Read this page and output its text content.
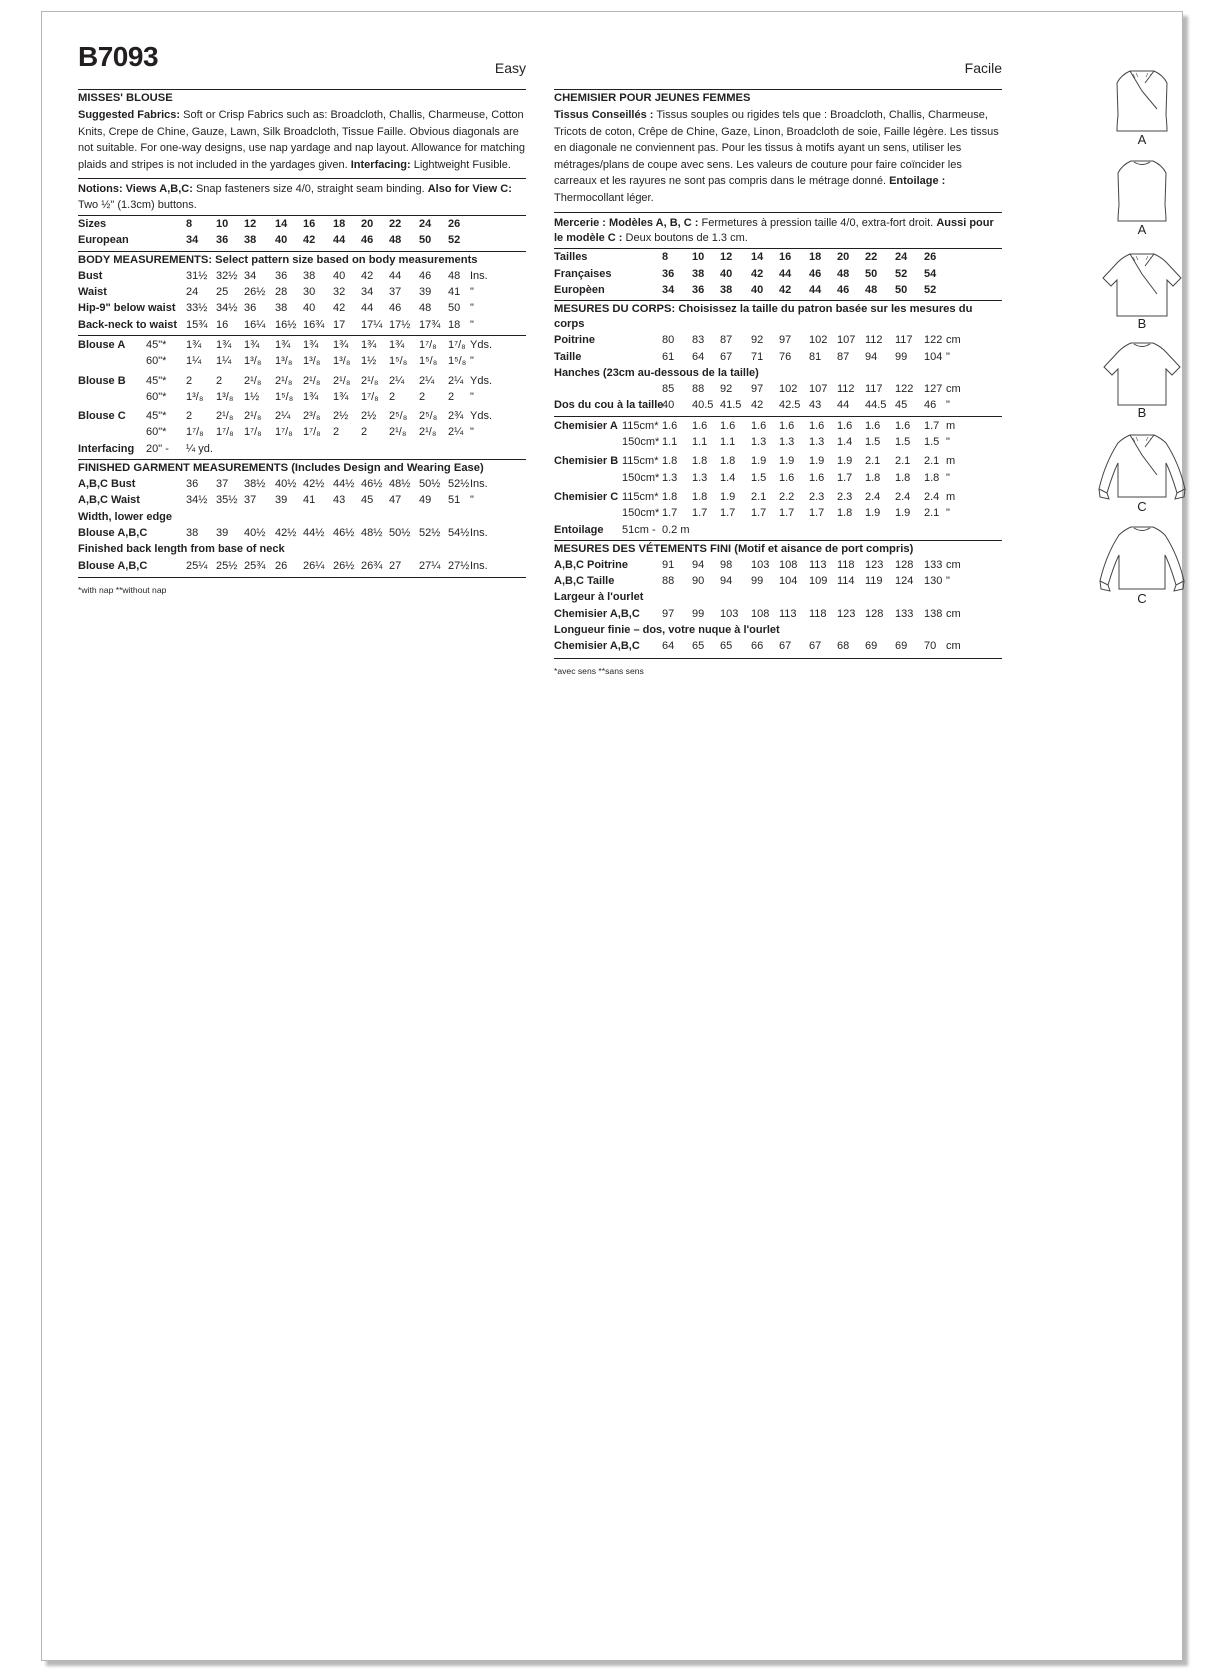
B7093	Easy
MISSES' BLOUSE
Suggested Fabrics: Soft or Crisp Fabrics such as: Broadcloth, Challis, Charmeuse, Cotton Knits, Crepe de Chine, Gauze, Lawn, Silk Broadcloth, Tissue Faille. Obvious diagonals are not suitable. For one-way designs, use nap yardage and nap layout. Allowance for matching plaids and stripes is not included in the yardages given. Interfacing: Lightweight Fusible.
Notions: Views A,B,C: Snap fasteners size 4/0, straight seam binding. Also for View C: Two ½" (1.3cm) buttons.
Sizes	8 10 12 14 16 18 20 22 24 26
European	34 36 38 40 42 44 46 48 50 52
BODY MEASUREMENTS: Select pattern size based on body measurements
Bust	31½ 32½ 34 36 38 40 42 44 46 48 Ins.
Waist	24 25 26½ 28 30 32 34 37 39 41 "
Hip-9" below waist 33½ 34½ 36 38 40 42 44 46 48 50 "
Back-neck to waist 15¾ 16 16¼ 16½ 16¾ 17 17¼ 17½ 17¾ 18 "
Blouse A 45"* 1¾ 1¾ 1¾ 1¾ 1¾ 1¾ 1¾ 1¾ 1⁷/₈ 1⁷/₈ Yds.
60"* 1¼ 1¼ 1³/₈ 1³/₈ 1³/₈ 1³/₈ 1½ 1⁵/₈ 1⁵/₈ 1⁵/₈ "
Blouse B 45"* 2 2 2¹/₈ 2¹/₈ 2¹/₈ 2¹/₈ 2¹/₈ 2¼ 2¼ 2¼ Yds.
60"* 1³/₈ 1³/₈ 1½ 1⁵/₈ 1¾ 1¾ 1⁷/₈ 2 2 2 "
Blouse C 45"* 2 2¹/₈ 2¹/₈ 2¼ 2³/₈ 2½ 2½ 2⁵/₈ 2⁵/₈ 2¾ Yds.
60"* 1⁷/₈ 1⁷/₈ 1⁷/₈ 1⁷/₈ 1⁷/₈ 2 2 2¹/₈ 2¹/₈ 2¼ "
Interfacing 20" - ¼ yd.
FINISHED GARMENT MEASUREMENTS (Includes Design and Wearing Ease)
A,B,C Bust	36 37 38½ 40½ 42½ 44½ 46½ 48½ 50½ 52½ Ins.
A,B,C Waist	34½ 35½ 37 39 41 43 45 47 49 51 "
Width, lower edge
Blouse A,B,C	38 39 40½ 42½ 44½ 46½ 48½ 50½ 52½ 54½ Ins.
Finished back length from base of neck
Blouse A,B,C	25¼ 25½ 25¾ 26 26¼ 26½ 26¾ 27 27¼ 27½ Ins.
*with nap **without nap
Facile
CHEMISIER POUR JEUNES FEMMES
Tissus Conseillés : Tissus souples ou rigides tels que : Broadcloth, Challis, Charmeuse, Tricots de coton, Crêpe de Chine, Gaze, Linon, Broadcloth de soie, Faille légère. Les tissus en diagonale ne conviennent pas. Pour les tissus à motifs ayant un sens, utiliser les métrages/plans de coupe avec sens. Les valeurs de couture pour faire coïncider les carreaux et les rayures ne sont pas compris dans le métrage donné. Entoilage : Thermocollant léger.
Mercerie : Modèles A, B, C : Fermetures à pression taille 4/0, extra-fort droit. Aussi pour le modèle C : Deux boutons de 1.3 cm.
Tailles	8 10 12 14 16 18 20 22 24 26
Françaises	36 38 40 42 44 46 48 50 52 54
Europèen	34 36 38 40 42 44 46 48 50 52
MESURES DU CORPS: Choisissez la taille du patron basée sur les mesures du corps
Poitrine	80 83 87 92 97 102 107 112 117 122 cm
Taille	61 64 67 71 76 81 87 94 99 104 "
Hanches (23cm au-dessous de la taille)
85 88 92 97 102 107 112 117 122 127 cm
Dos du cou à la taille
40 40.5 41.5 42 42.5 43 44 44.5 45 46 "
Chemisier A 115cm* 1.6 1.6 1.6 1.6 1.6 1.6 1.6 1.6 1.6 1.7 m
150cm* 1.1 1.1 1.1 1.3 1.3 1.3 1.4 1.5 1.5 1.5 "
Chemisier B 115cm* 1.8 1.8 1.8 1.9 1.9 1.9 1.9 2.1 2.1 2.1 m
150cm* 1.3 1.3 1.4 1.5 1.6 1.6 1.7 1.8 1.8 1.8 "
Chemisier C 115cm* 1.8 1.8 1.9 2.1 2.2 2.3 2.3 2.4 2.4 2.4 m
150cm* 1.7 1.7 1.7 1.7 1.7 1.7 1.8 1.9 1.9 2.1 "
Entoilage 51cm - 0.2 m
MESURES DES VÉTEMENTS FINI (Motif et aisance de port compris)
A,B,C Poitrine	91 94 98 103 108 113 118 123 128 133 cm
A,B,C Taille	88 90 94 99 104 109 114 119 124 130 "
Largeur à l'ourlet
Chemisier A,B,C 97 99 103 108 113 118 123 128 133 138 cm
Longueur finie – dos, votre nuque à l'ourlet
Chemisier A,B,C 64 65 65 66 67 67 68 69 69 70 cm
*avec sens **sans sens
A
A
B
B
C
C
